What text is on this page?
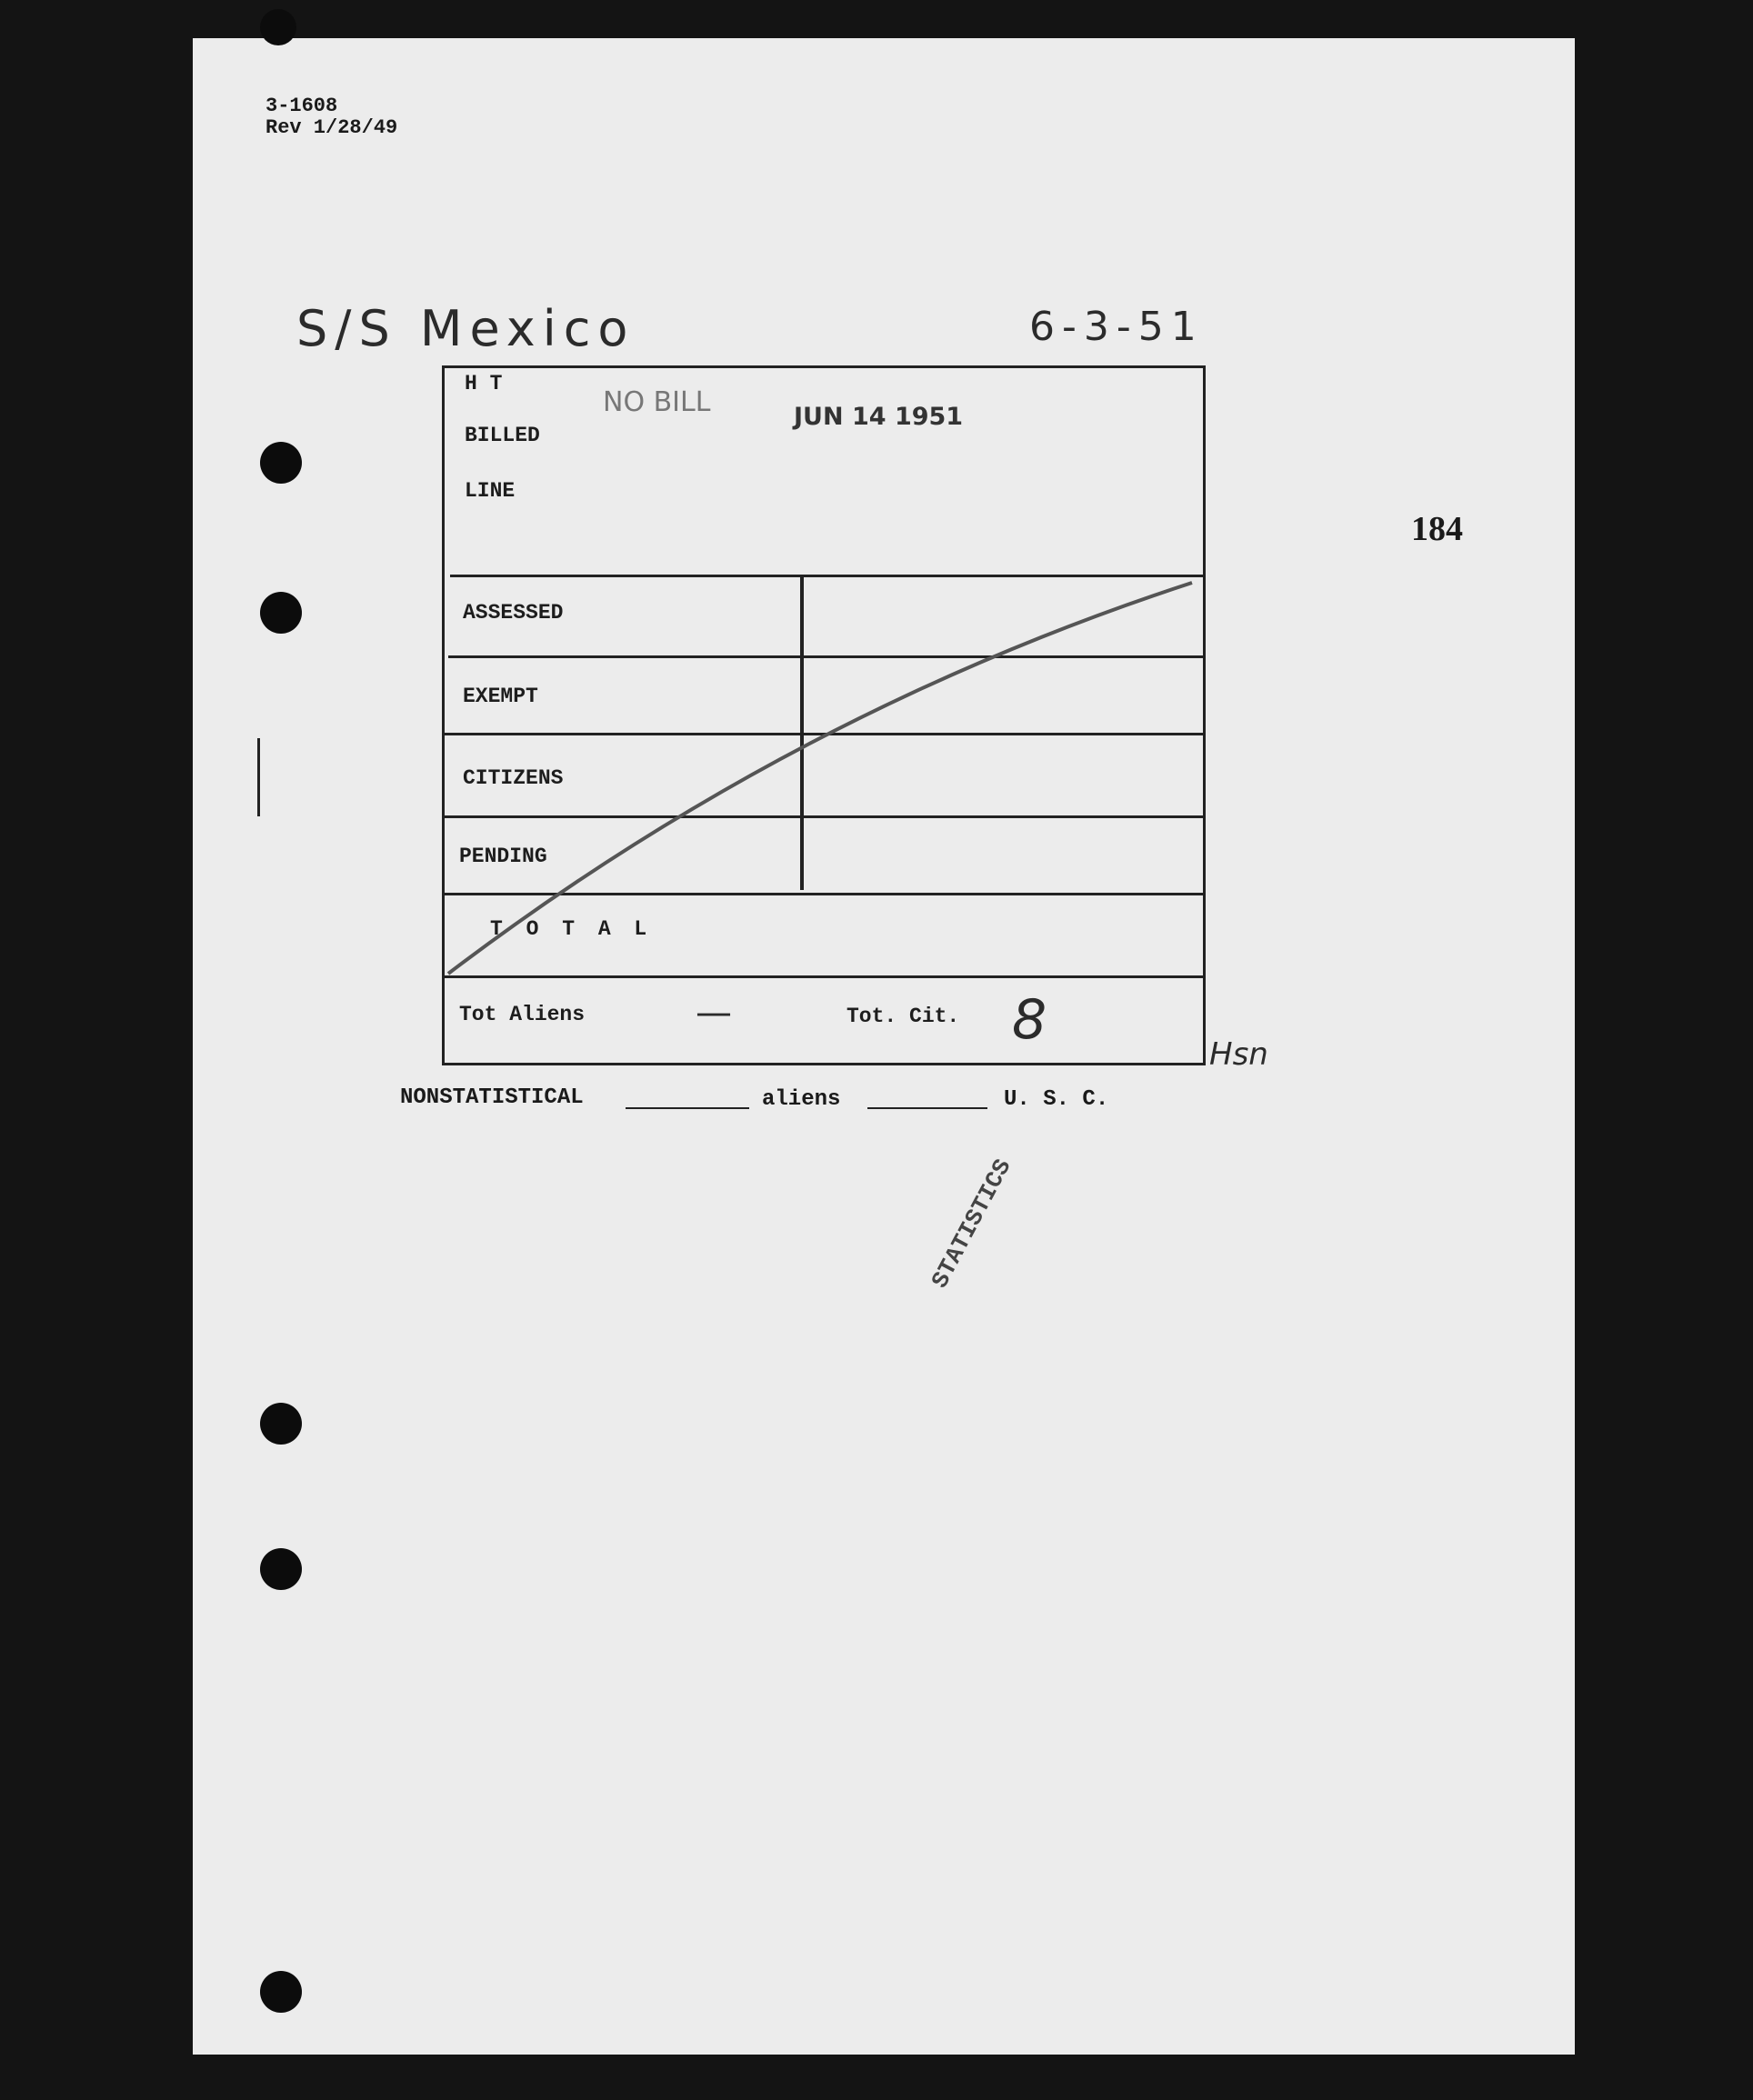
3-1608
Rev 1/28/49
S/S Mexico	6-3-51
184
H T
BILLED
LINE
NO BILL	JUN 14 1951
ASSESSED
EXEMPT
CITIZENS
PENDING
T O T A L
Tot Aliens	—	Tot. Cit. 8
Hsn
NONSTATISTICAL	aliens	U. S. C.
STATISTICS
